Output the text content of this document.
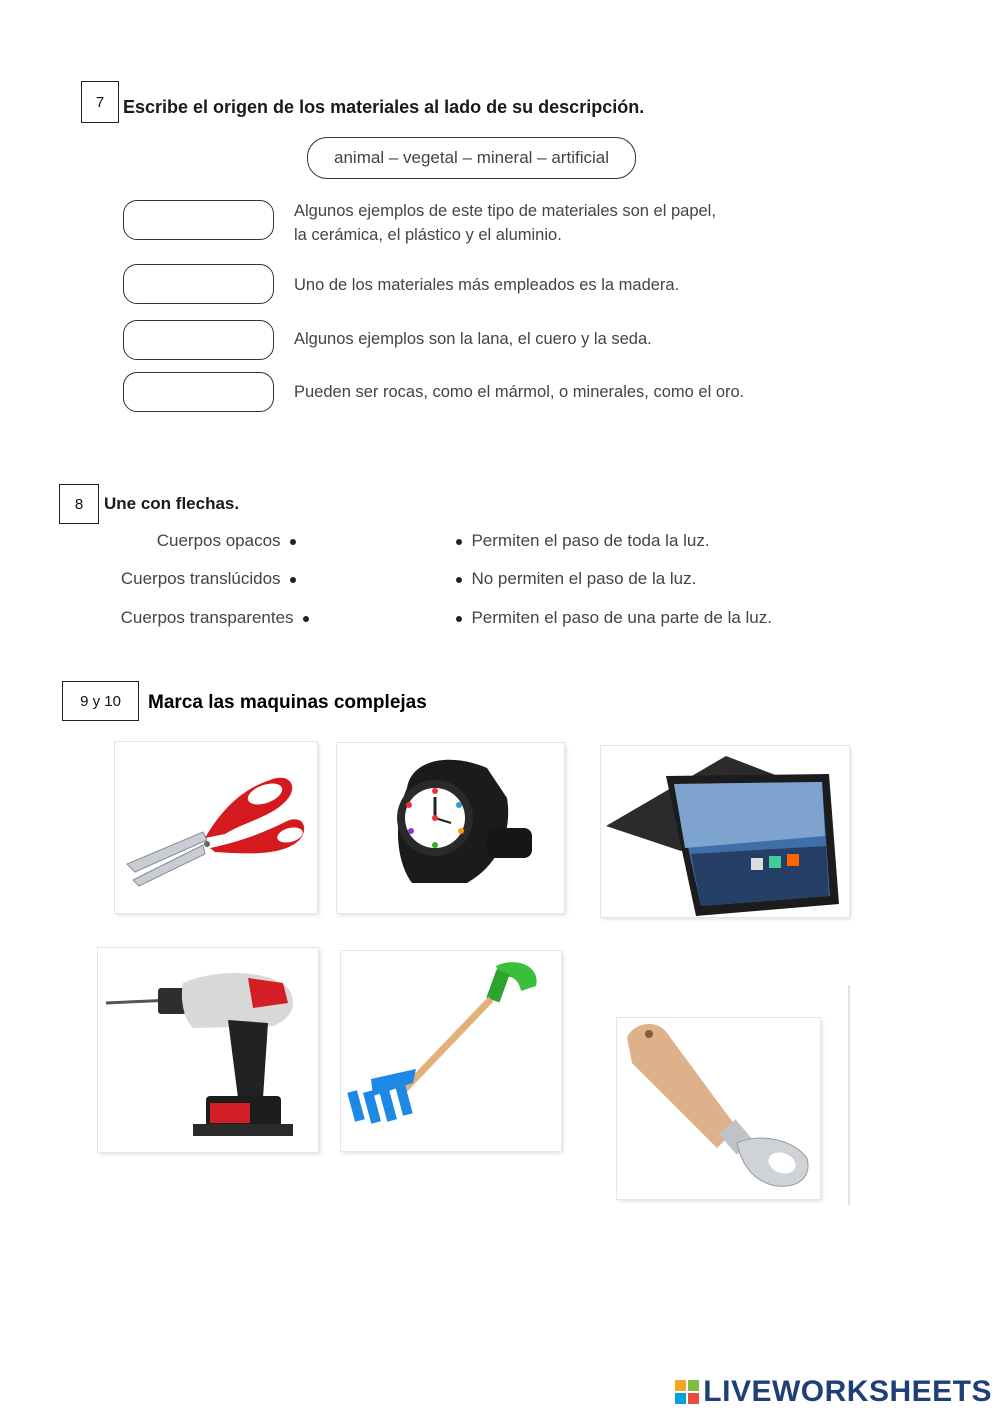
7 Escribe el origen de los materiales al lado de su descripción.
animal – vegetal – mineral – artificial
Algunos ejemplos de este tipo de materiales son el papel,
la cerámica, el plástico y el aluminio.
Uno de los materiales más empleados es la madera.
Algunos ejemplos son la lana, el cuero y la seda.
Pueden ser rocas, como el mármol, o minerales, como el oro.
8 Une con flechas.
Cuerpos opacos
Cuerpos translúcidos
Cuerpos transparentes
Permiten el paso de toda la luz.
No permiten el paso de la luz.
Permiten el paso de una parte de la luz.
9 y 10 Marca las maquinas complejas
LIVEWORKSHEETS
